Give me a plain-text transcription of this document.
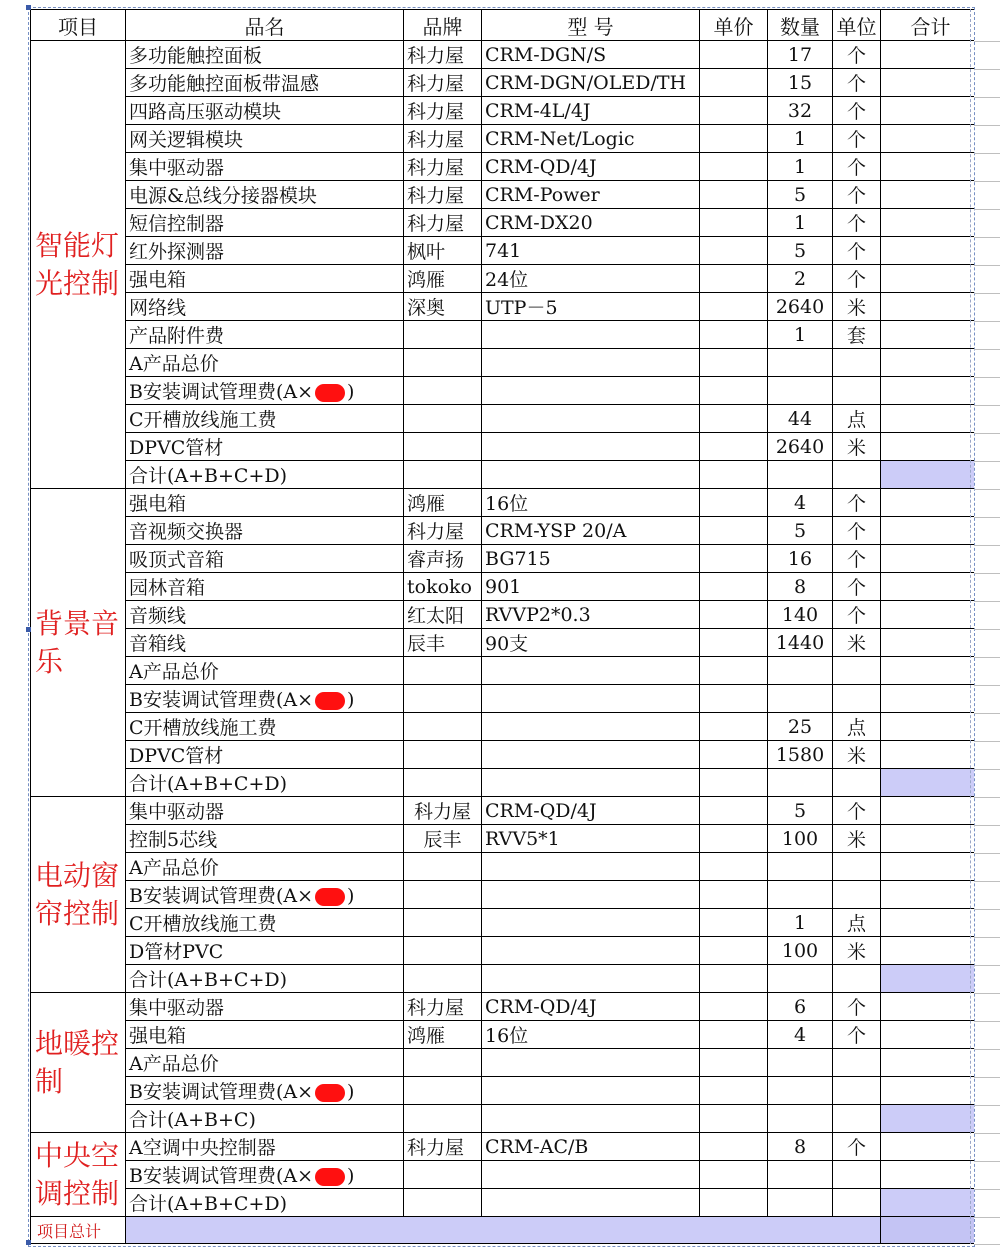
项目	品名	品牌	型 号	单价	数量	单位	合计
智能灯光控制	多功能触控面板	科力屋	CRM-DGN/S		17	个	
	多功能触控面板带温感	科力屋	CRM-DGN/OLED/TH		15	个	
	四路高压驱动模块	科力屋	CRM-4L/4J		32	个	
	网关逻辑模块	科力屋	CRM-Net/Logic		1	个	
	集中驱动器	科力屋	CRM-QD/4J		1	个	
	电源&总线分接器模块	科力屋	CRM-Power		5	个	
	短信控制器	科力屋	CRM-DX20		1	个	
	红外探测器	枫叶	741		5	个	
	强电箱	鸿雁	24位		2	个	
	网络线	深奥	UTP－5		2640	米	
	产品附件费				1	套	
	A产品总价						
	B安装调试管理费(A× )						
	C开槽放线施工费				44	点	
	DPVC管材				2640	米	
	合计(A+B+C+D)						
背景音乐	强电箱	鸿雁	16位		4	个	
	音视频交换器	科力屋	CRM-YSP 20/A		5	个	
	吸顶式音箱	睿声扬	BG715		16	个	
	园林音箱	tokoko	901		8	个	
	音频线	红太阳	RVVP2*0.3		140	个	
	音箱线	辰丰	90支		1440	米	
	A产品总价						
	B安装调试管理费(A× )						
	C开槽放线施工费				25	点	
	DPVC管材				1580	米	
	合计(A+B+C+D)						
电动窗帘控制	集中驱动器	科力屋	CRM-QD/4J		5	个	
	控制5芯线	辰丰	RVV5*1		100	米	
	A产品总价						
	B安装调试管理费(A× )						
	C开槽放线施工费				1	点	
	D管材PVC				100	米	
	合计(A+B+C+D)						
地暖控制	集中驱动器	科力屋	CRM-QD/4J		6	个	
	强电箱	鸿雁	16位		4	个	
	A产品总价						
	B安装调试管理费(A× )						
	合计(A+B+C)						
中央空调控制	A空调中央控制器	科力屋	CRM-AC/B		8	个	
	B安装调试管理费(A× )						
	合计(A+B+C+D)						
项目总计							
